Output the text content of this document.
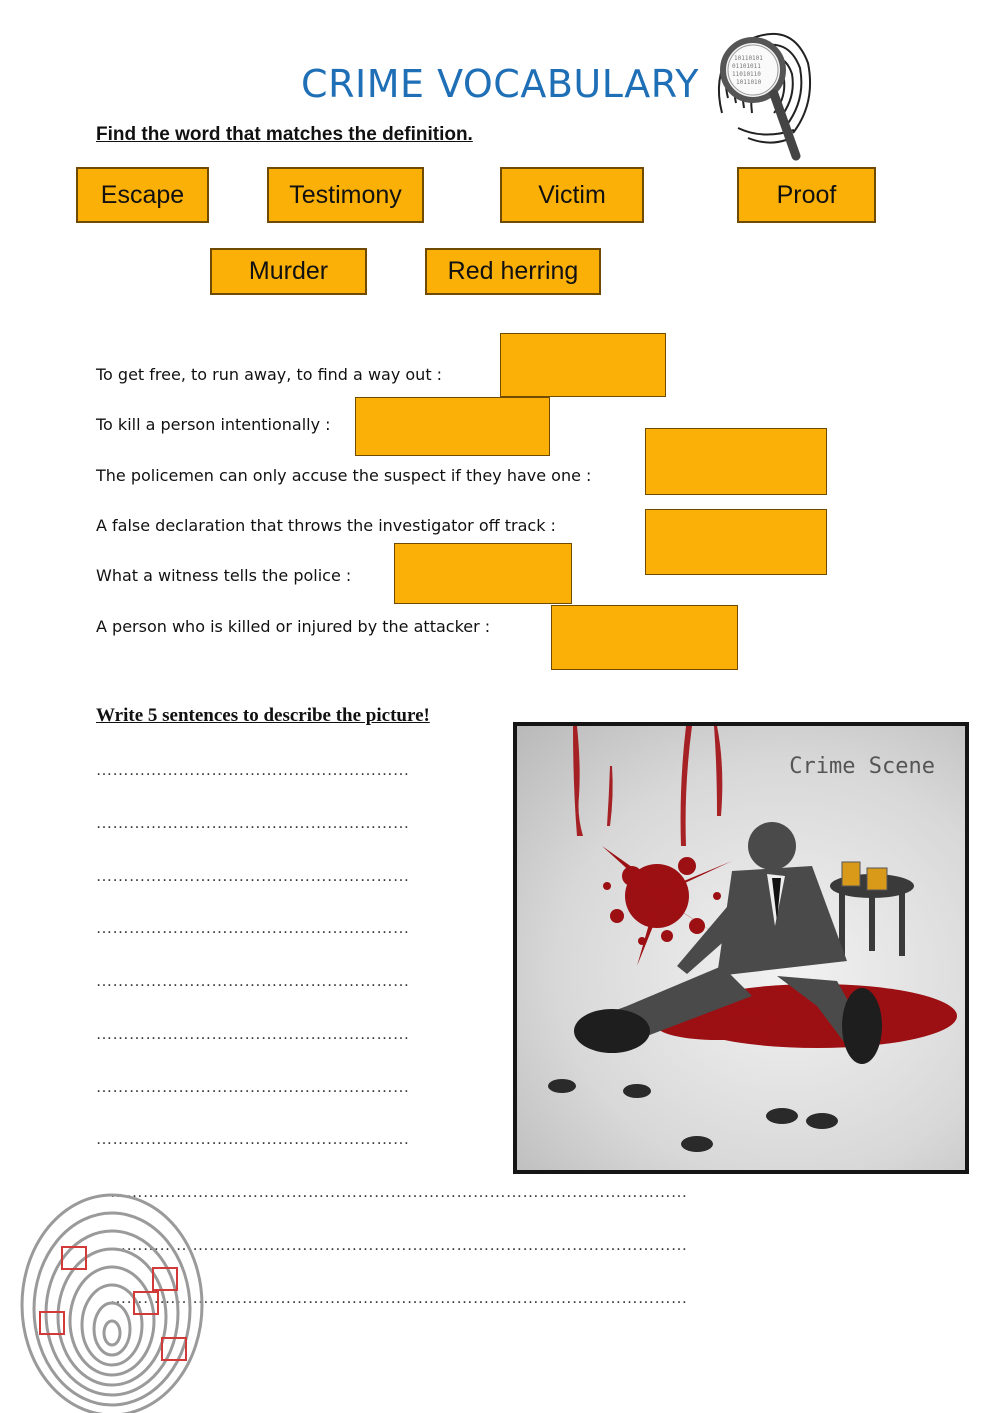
10110101
01101011
11010110
1011010
CRIME VOCABULARY
Find the word that matches the definition.
Escape	Testimony	Victim	Proof
Murder	Red herring
To get free, to run away, to find a way out :
To kill a person intentionally :
The policemen can only accuse the suspect if they have one :
A false declaration that throws the investigator off track :
What a witness tells the police :
A person who is killed or injured by the attacker :
Write 5 sentences to describe the picture!
…………………………………………………
…………………………………………………
…………………………………………………
…………………………………………………
…………………………………………………
…………………………………………………
…………………………………………………
…………………………………………………
……………………………………………………………………………………………
……………………………………………………………………………………………
……………………………………………………………………………………………
Crime Scene
